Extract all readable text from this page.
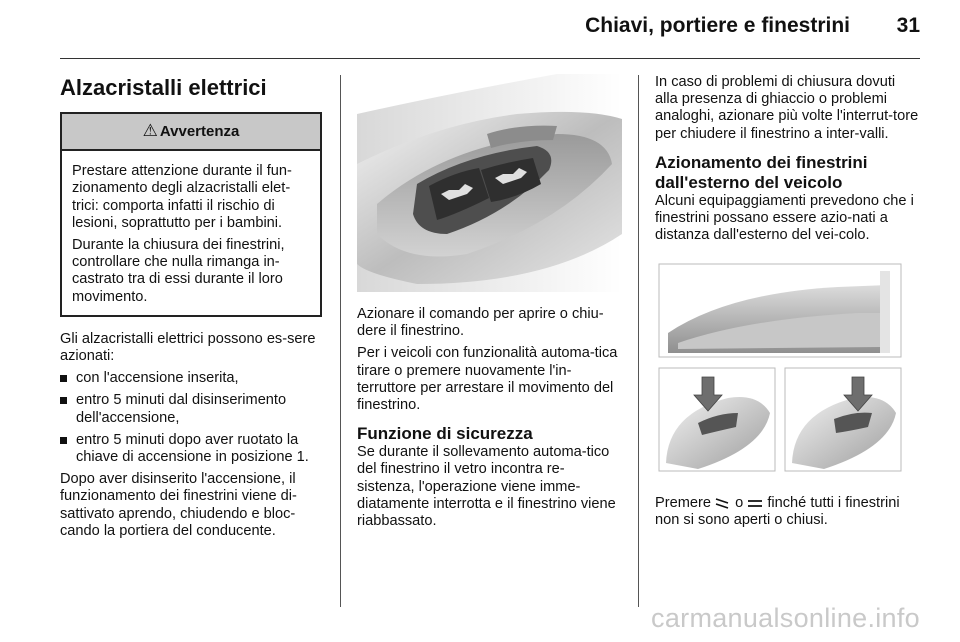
Chiavi, portiere e finestrini 31
Alzacristalli elettrici
⚠ Avvertenza

Prestare attenzione durante il fun-zionamento degli alzacristalli elet-trici: comporta infatti il rischio di lesioni, soprattutto per i bambini.

Durante la chiusura dei finestrini, controllare che nulla rimanga in-castrato tra di essi durante il loro movimento.

Gli alzacristalli elettrici possono es-sere azionati:

con l'accensione inserita,
entro 5 minuti dal disinserimento dell'accensione,
entro 5 minuti dopo aver ruotato la chiave di accensione in posizione 1.

Dopo aver disinserito l'accensione, il funzionamento dei finestrini viene di-sattivato aprendo, chiudendo e bloc-cando la portiera del conducente.

Azionare il comando per aprire o chiu-dere il finestrino.

Per i veicoli con funzionalità automa-tica tirare o premere nuovamente l'in-terruttore per arrestare il movimento del finestrino.

Funzione di sicurezza

Se durante il sollevamento automa-tico del finestrino il vetro incontra re-sistenza, l'operazione viene imme-diatamente interrotta e il finestrino viene riabbassato.

In caso di problemi di chiusura dovuti alla presenza di ghiaccio o problemi analoghi, azionare più volte l'interrut-tore per chiudere il finestrino a inter-valli.

Azionamento dei finestrini dall'esterno del veicolo

Alcuni equipaggiamenti prevedono che i finestrini possano essere azio-nati a distanza dall'esterno del vei-colo.

Premere o finché tutti i finestrini non si sono aperti o chiusi.

carmanualsonline.info
